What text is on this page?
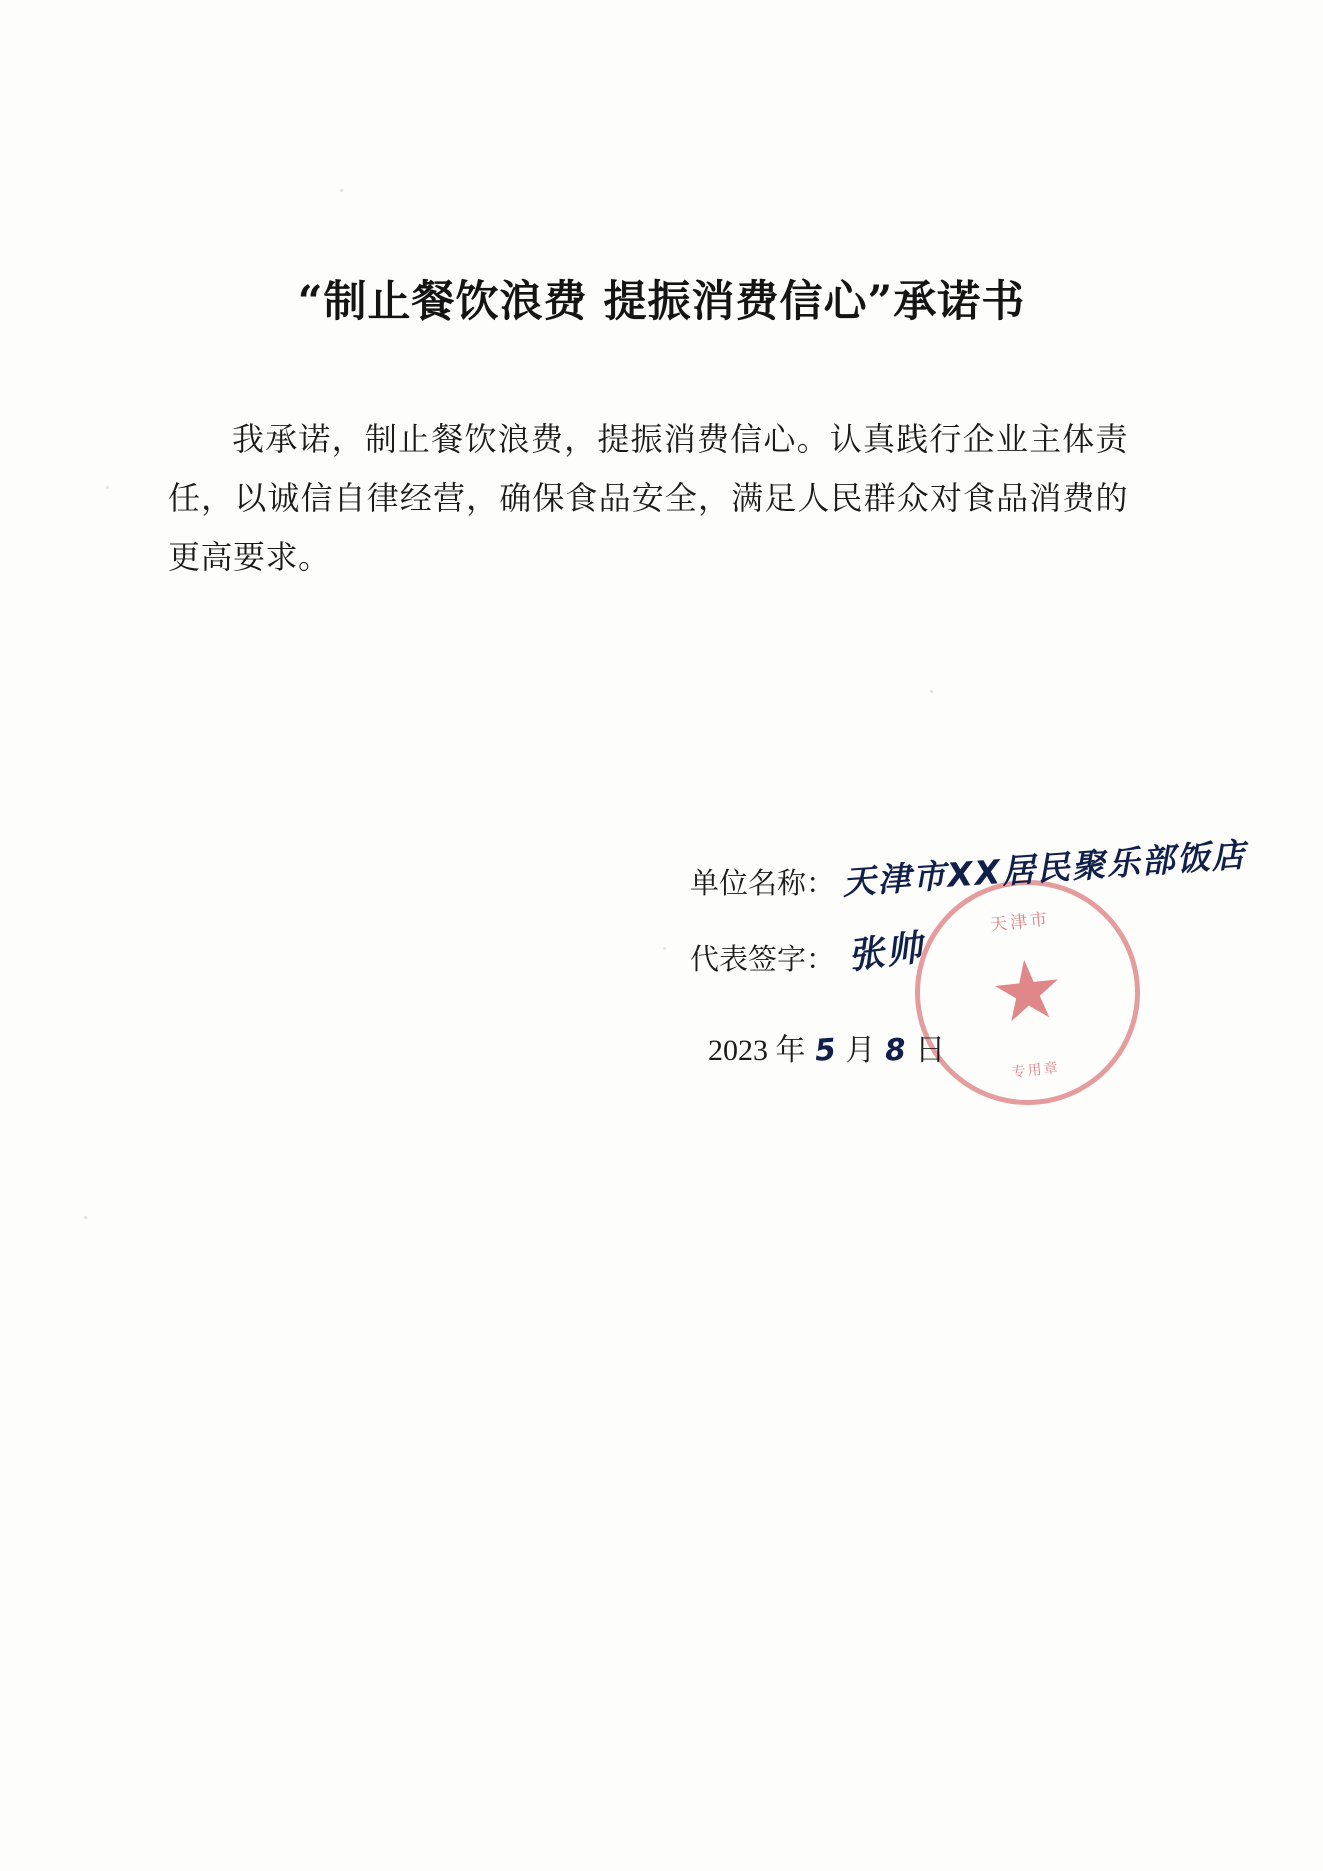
“制止餐饮浪费 提振消费信心”承诺书
我承诺，制止餐饮浪费，提振消费信心。认真践行企业主体责任，以诚信自律经营，确保食品安全，满足人民群众对食品消费的更高要求。
天津市
专用章
单位名称： 天津市XX居民聚乐部饭店
代表签字： 张帅
2023 年 5 月 8 日
